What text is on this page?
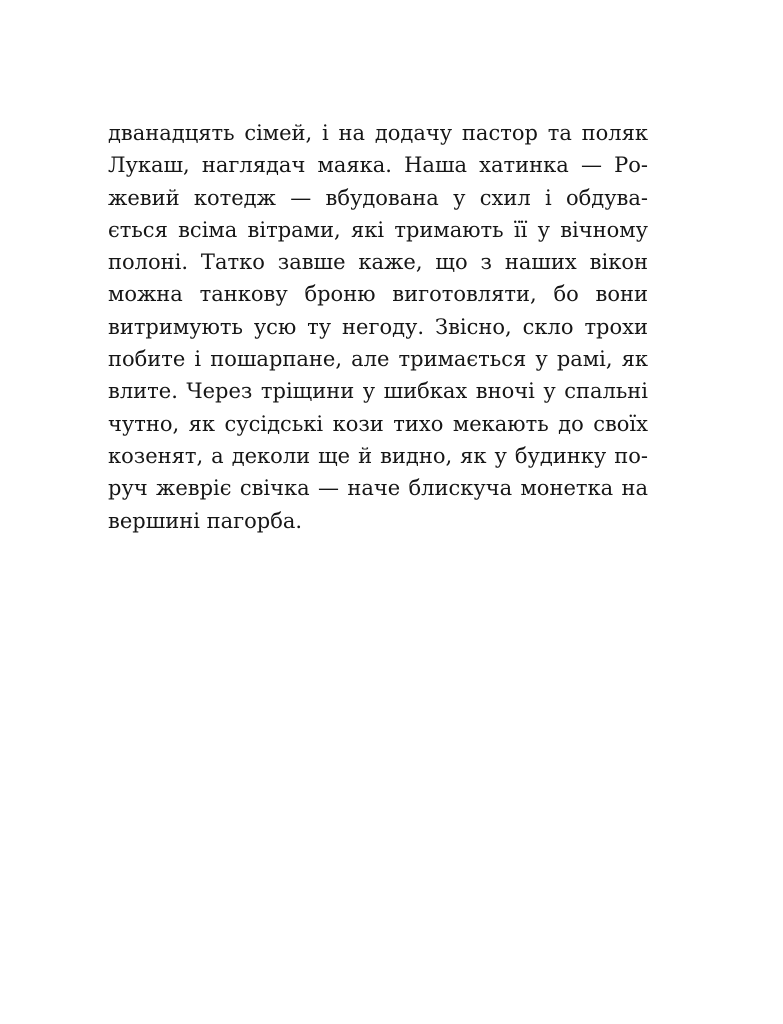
дванадцять сімей, і на додачу пастор та поляк
Лукаш, наглядач маяка. Наша хатинка — Ро-
жевий котедж — вбудована у схил і обдува-
ється всіма вітрами, які тримають її у вічному
полоні. Татко завше каже, що з наших вікон
можна танкову броню виготовляти, бо вони
витримують усю ту негоду. Звісно, скло трохи
побите і пошарпане, але тримається у рамі, як
влите. Через тріщини у шибках вночі у спальні
чутно, як сусідські кози тихо мекають до своїх
козенят, а деколи ще й видно, як у будинку по-
руч жевріє свічка — наче блискуча монетка на
вершині пагорба.
